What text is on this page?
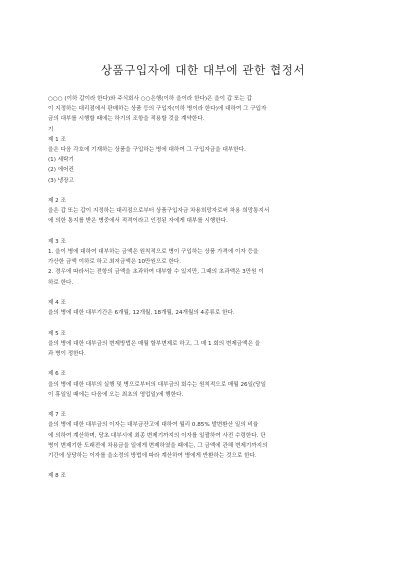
상품구입자에 대한 대부에 관한 협정서
○○○ (이하 갑이라 한다)와 주식회사 ○○은행(이하 을이라 한다)은 을이 갑 또는 갑
이 지정하는 대리점에서 판매하는 상품 등의 구입자(이하 병이라 한다)에 대하여 그 구입자
금의 대부를 시행할 때에는 하기의 조항을 적용할 것을 계약한다.
기
제 1 조
을은 다음 각호에 기재하는 상품을 구입하는 병에 대하여 그 구입자금을 대부한다.
(1) 세탁기
(2) 에어컨
(3) 냉장고
제 2 조
을은 갑 또는 갑이 지정하는 대리점으로부터 상품구입자금 차용희망자로써 차용 희망통지서
에 의한 통지를 받은 병중에서 적격이라고 인정된 자에게 대부를 시행한다.
제 3 조
1. 을이 병에 대하여 대부하는 금액은 원칙적으로 병이 구입하는 상품 가격에 이자 등을
가산한 금액 이하로 하고 최저금액은 10만원으로 한다.
2. 경우에 따라서는 전항의 금액을 초과하여 대부할 수 있지만, 그때의 초과액은 3만원 이
하로 한다.
제 4 조
을의 병에 대한 대부기간은 6개월, 12개월, 18개월, 24개월의 4종류로 한다.
제 5 조
을의 병에 대한 대부금의 변제방법은 매월 할부변제로 하고, 그 매 1 회의 변제금액은 을
과 병이 정한다.
제 6 조
을의 병에 대한 대부의 실행 및 병으로부터의 대부금의 회수는 원칙적으로 매월 26일(당일
이 휴일일 때에는 다음에 오는 최초의 영업일)에 행한다.
제 7 조
을의 병에 대한 대부금의 이자는 대부금잔고에 대하여 월리 0.85% 발변환산 일의 비율
에 의하여 계산하며, 당초 대부시에 최종 변제기까지의 이자를 일괄하여 사전 수령한다. 단
병이 변제기한 도래전에 차용금을 일에게 변제하였을 때에는, 그 금액에 관해 변제기까지의
기간에 상당하는 이자를 을소정의 방법에 따라 계산하여 병에게 반환하는 것으로 한다.
제 8 조
